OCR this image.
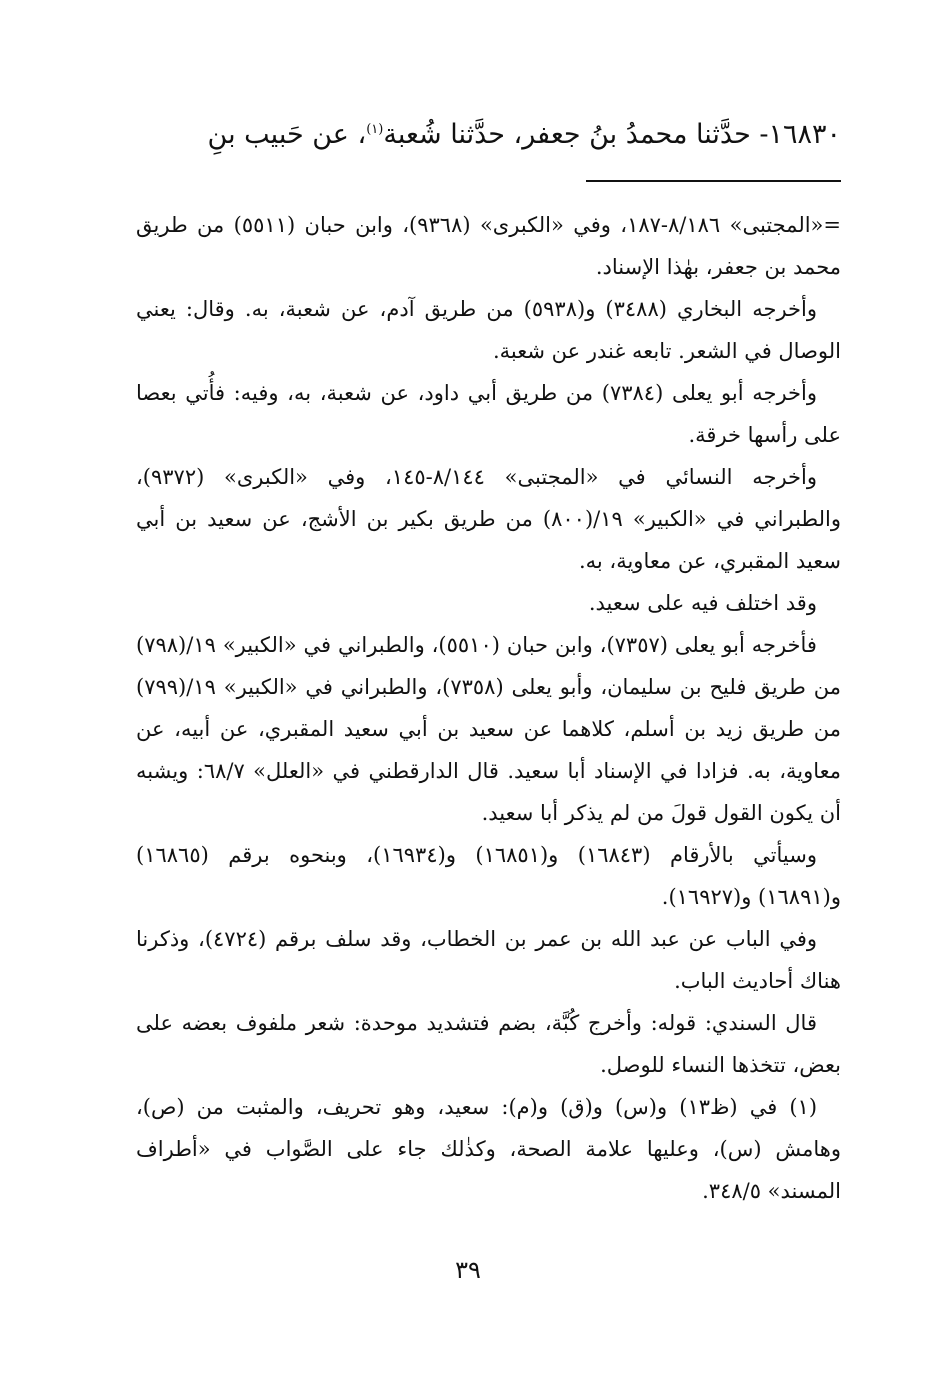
١٦٨٣٠- حدَّثنا محمدُ بنُ جعفر، حدَّثنا شُعبة$^{(١)}$، عن حَبيب بنِ

=«المجتبى» ٨/١٨٦-١٨٧، وفي «الكبرى» (٩٣٦٨)، وابن حبان (٥٥١١) من طريق محمد بن جعفر، بهٰذا الإسناد.

وأخرجه البخاري (٣٤٨٨) و(٥٩٣٨) من طريق آدم، عن شعبة، به. وقال: يعني الوصال في الشعر. تابعه غندر عن شعبة.

وأخرجه أبو يعلى (٧٣٨٤) من طريق أبي داود، عن شعبة، به، وفيه: فأُتي بعصا على رأسها خرقة.

وأخرجه النسائي في «المجتبى» ٨/١٤٤-١٤٥، وفي «الكبرى» (٩٣٧٢)، والطبراني في «الكبير» ١٩/(٨٠٠) من طريق بكير بن الأشج، عن سعيد بن أبي سعيد المقبري، عن معاوية، به.

وقد اختلف فيه على سعيد.

فأخرجه أبو يعلى (٧٣٥٧)، وابن حبان (٥٥١٠)، والطبراني في «الكبير» ١٩/(٧٩٨) من طريق فليح بن سليمان، وأبو يعلى (٧٣٥٨)، والطبراني في «الكبير» ١٩/(٧٩٩) من طريق زيد بن أسلم، كلاهما عن سعيد بن أبي سعيد المقبري، عن أبيه، عن معاوية، به. فزادا في الإسناد أبا سعيد. قال الدارقطني في «العلل» ٦٨/٧: ويشبه أن يكون القول قولَ من لم يذكر أبا سعيد.

وسيأتي بالأرقام (١٦٨٤٣) و(١٦٨٥١) و(١٦٩٣٤)، وبنحوه برقم (١٦٨٦٥) و(١٦٨٩١) و(١٦٩٢٧).

وفي الباب عن عبد الله بن عمر بن الخطاب، وقد سلف برقم (٤٧٢٤)، وذكرنا هناك أحاديث الباب.

قال السندي: قوله: وأخرج كُبَّة، بضم فتشديد موحدة: شعر ملفوف بعضه على بعض، تتخذها النساء للوصل.

(١) في (ظ١٣) و(س) و(ق) و(م): سعيد، وهو تحريف، والمثبت من (ص)، وهامش (س)، وعليها علامة الصحة، وكذٰلك جاء على الصَّواب في «أطراف المسند» ٣٤٨/٥.

٣٩
